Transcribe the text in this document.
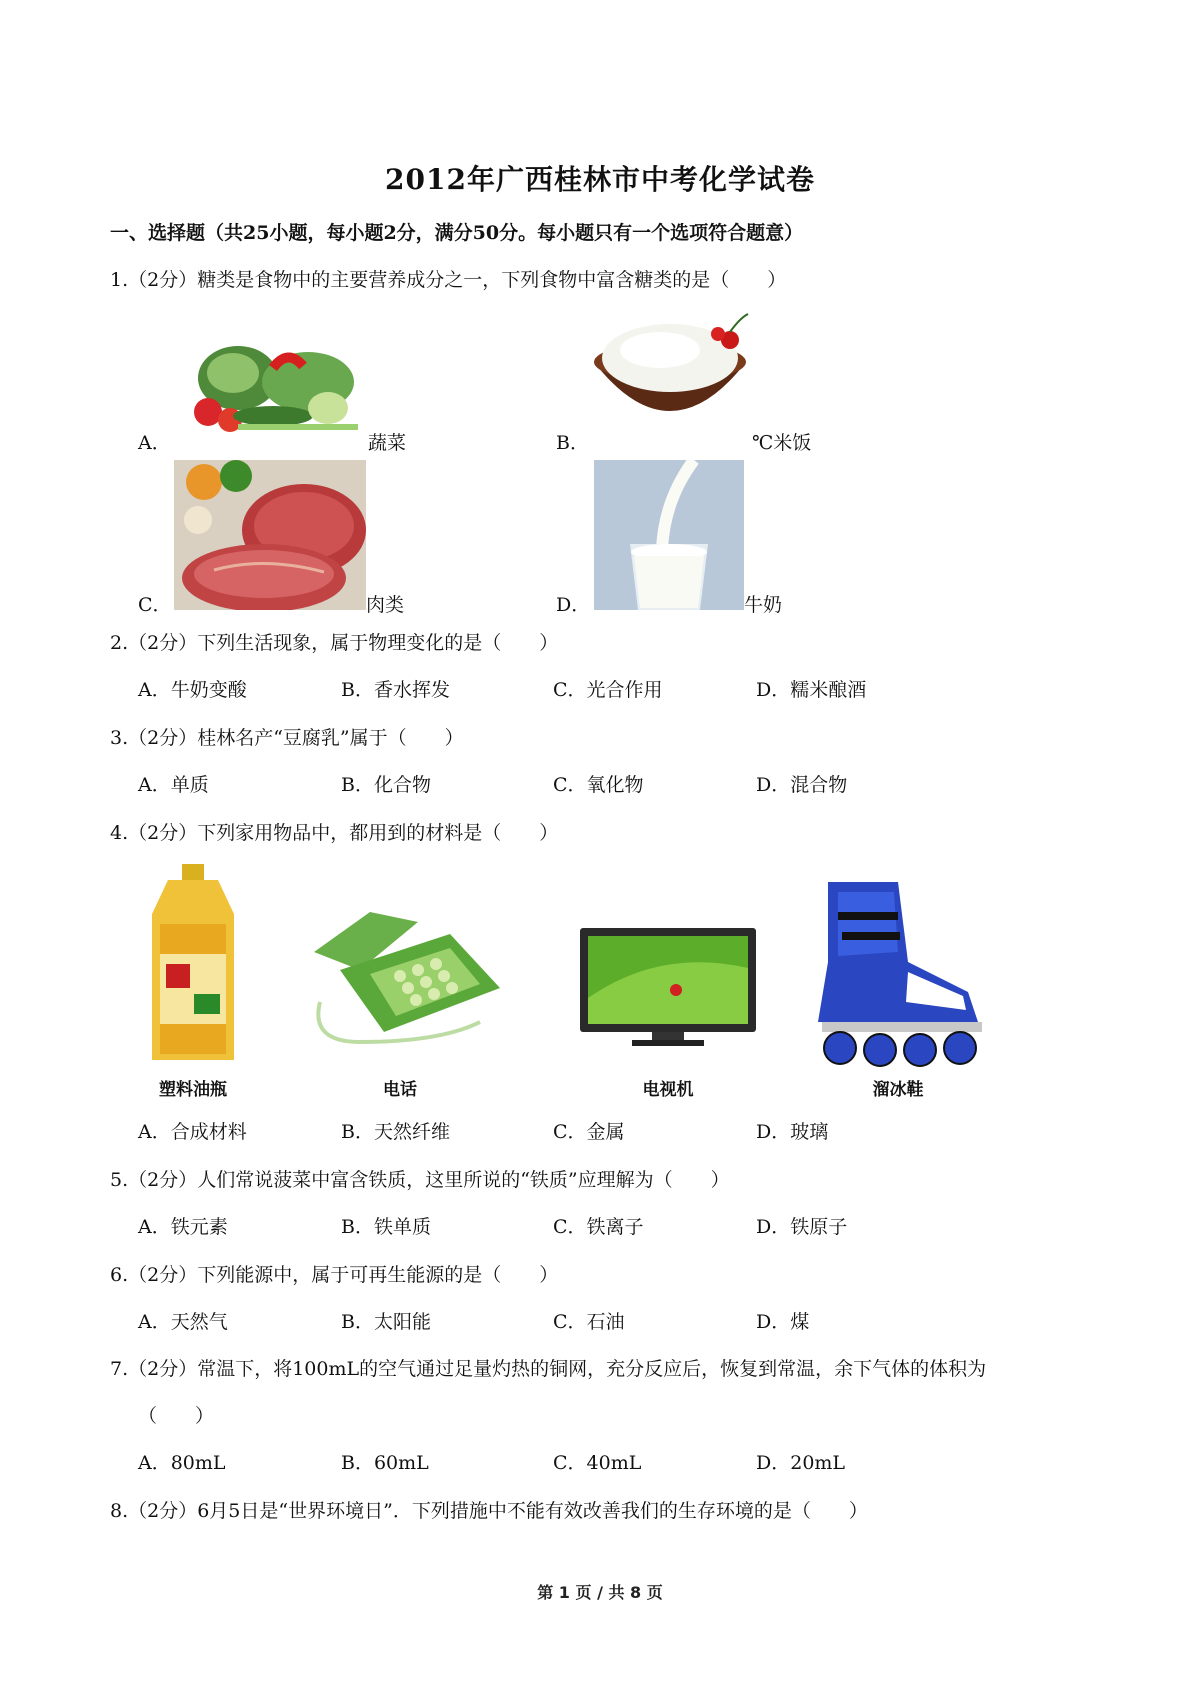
2012年广西桂林市中考化学试卷
一、选择题（共25小题，每小题2分，满分50分。每小题只有一个选项符合题意）
1.（2分）糖类是食物中的主要营养成分之一，下列食物中富含糖类的是（　　）
A．	蔬菜	B．	℃米饭
C．	肉类	D．	牛奶
2.（2分）下列生活现象，属于物理变化的是（　　）
A．牛奶变酸	B．香水挥发	C．光合作用	D．糯米酿酒
3.（2分）桂林名产“豆腐乳”属于（　　）
A．单质	B．化合物	C．氧化物	D．混合物
4.（2分）下列家用物品中，都用到的材料是（　　）
塑料油瓶	电话	电视机	溜冰鞋
A．合成材料	B．天然纤维	C．金属	D．玻璃
5.（2分）人们常说菠菜中富含铁质，这里所说的“铁质”应理解为（　　）
A．铁元素	B．铁单质	C．铁离子	D．铁原子
6.（2分）下列能源中，属于可再生能源的是（　　）
A．天然气	B．太阳能	C．石油	D．煤
7.（2分）常温下，将100mL的空气通过足量灼热的铜网，充分反应后，恢复到常温，余下气体的体积为
（　　）
A．80mL	B．60mL	C．40mL	D．20mL
8.（2分）6月5日是“世界环境日”．下列措施中不能有效改善我们的生存环境的是（　　）
第 1 页 / 共 8 页
